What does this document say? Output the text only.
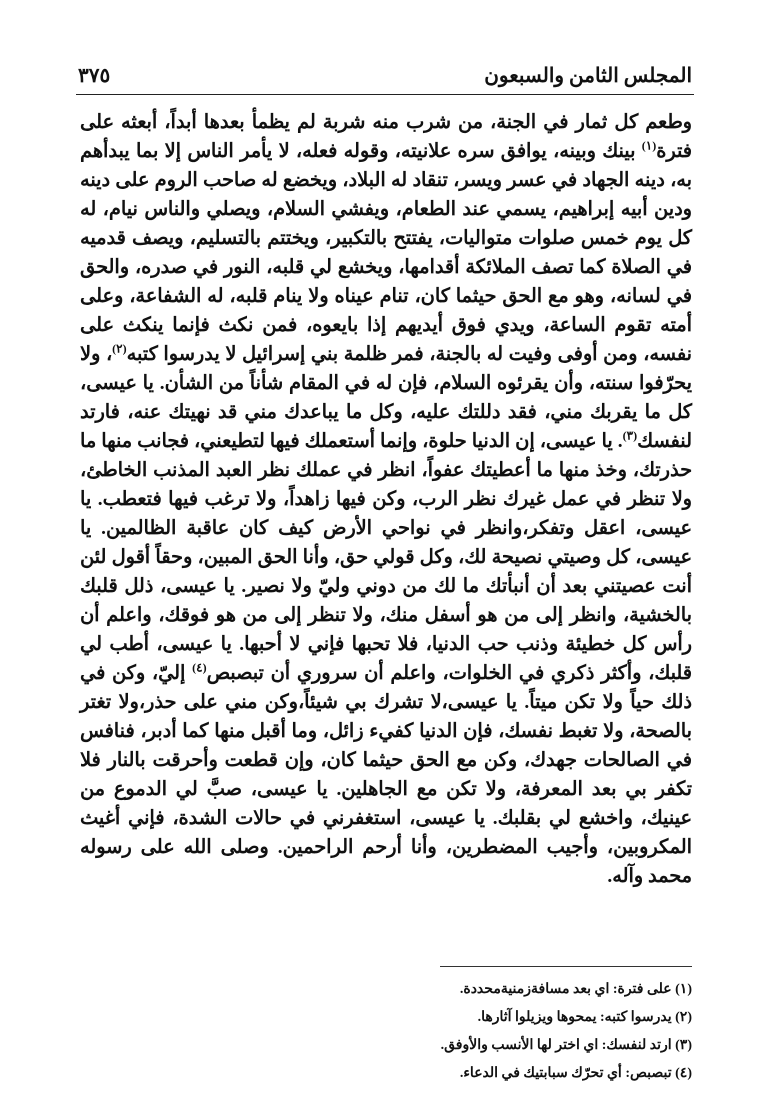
المجلس الثامن والسبعون
٣٧٥

وطعم كل ثمار في الجنة، من شرب منه شربة لم يظمأ بعدها أبداً، أبعثه على فترة$^{(١)}$ بينك وبينه، يوافق سره علانيته، وقوله فعله، لا يأمر الناس إلا بما يبدأهم به، دينه الجهاد في عسر ويسر، تنقاد له البلاد، ويخضع له صاحب الروم على دينه ودين أبيه إبراهيم، يسمي عند الطعام، ويفشي السلام، ويصلي والناس نيام، له كل يوم خمس صلوات متواليات، يفتتح بالتكبير، ويختتم بالتسليم، ويصف قدميه في الصلاة كما تصف الملائكة أقدامها، ويخشع لي قلبه، النور في صدره، والحق في لسانه، وهو مع الحق حيثما كان، تنام عيناه ولا ينام قلبه، له الشفاعة، وعلى أمته تقوم الساعة، ويدي فوق أيديهم إذا بايعوه، فمن نكث فإنما ينكث على نفسه، ومن أوفى وفيت له بالجنة، فمر ظلمة بني إسرائيل لا يدرسوا كتبه$^{(٢)}$، ولا يحرّفوا سنته، وأن يقرئوه السلام، فإن له في المقام شأناً من الشأن. يا عيسى، كل ما يقربك مني، فقد دللتك عليه، وكل ما يباعدك مني قد نهيتك عنه، فارتد لنفسك$^{(٣)}$. يا عيسى، إن الدنيا حلوة، وإنما أستعملك فيها لتطيعني، فجانب منها ما حذرتك، وخذ منها ما أعطيتك عفواً، انظر في عملك نظر العبد المذنب الخاطئ، ولا تنظر في عمل غيرك نظر الرب، وكن فيها زاهداً، ولا ترغب فيها فتعطب. يا عيسى، اعقل وتفكر،وانظر في نواحي الأرض كيف كان عاقبة الظالمين. يا عيسى، كل وصيتي نصيحة لك، وكل قولي حق، وأنا الحق المبين، وحقاً أقول لئن أنت عصيتني بعد أن أنبأتك ما لك من دوني وليّ ولا نصير. يا عيسى، ذلل قلبك بالخشية، وانظر إلى من هو أسفل منك، ولا تنظر إلى من هو فوقك، واعلم أن رأس كل خطيئة وذنب حب الدنيا، فلا تحبها فإني لا أحبها. يا عيسى، أطب لي قلبك، وأكثر ذكري في الخلوات، واعلم أن سروري أن تبصبص$^{(٤)}$ إليّ، وكن في ذلك حياً ولا تكن ميتاً. يا عيسى،لا تشرك بي شيئاً،وكن مني على حذر،ولا تغتر بالصحة، ولا تغبط نفسك، فإن الدنيا كفيء زائل، وما أقبل منها كما أدبر، فنافس في الصالحات جهدك، وكن مع الحق حيثما كان، وإن قطعت وأحرقت بالنار فلا تكفر بي بعد المعرفة، ولا تكن مع الجاهلين. يا عيسى، صبَّ لي الدموع من عينيك، واخشع لي بقلبك. يا عيسى، استغفرني في حالات الشدة، فإني أغيث المكروبين، وأجيب المضطرين، وأنا أرحم الراحمين. وصلى الله على رسوله محمد وآله.

(١) على فترة: اي بعد مسافةزمنيةمحددة.
(٢) يدرسوا كتبه: يمحوها ويزيلوا آثارها.
(٣) ارتد لنفسك: اي اختر لها الأنسب والأوفق.
(٤) تبصبص: أي تحرّك سبابتيك في الدعاء.
